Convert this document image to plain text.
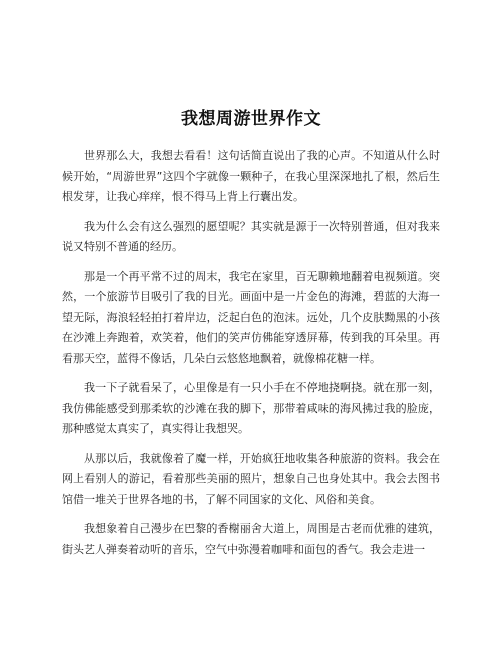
我想周游世界作文

世界那么大，我想去看看！这句话简直说出了我的心声。不知道从什么时候开始，“周游世界”这四个字就像一颗种子，在我心里深深地扎了根，然后生根发芽，让我心痒痒，恨不得马上背上行囊出发。

我为什么会有这么强烈的愿望呢？其实就是源于一次特别普通，但对我来说又特别不普通的经历。

那是一个再平常不过的周末，我宅在家里，百无聊赖地翻着电视频道。突然，一个旅游节目吸引了我的目光。画面中是一片金色的海滩，碧蓝的大海一望无际，海浪轻轻拍打着岸边，泛起白色的泡沫。远处，几个皮肤黝黑的小孩在沙滩上奔跑着，欢笑着，他们的笑声仿佛能穿透屏幕，传到我的耳朵里。再看那天空，蓝得不像话，几朵白云悠悠地飘着，就像棉花糖一样。

我一下子就看呆了，心里像是有一只小手在不停地挠啊挠。就在那一刻，我仿佛能感受到那柔软的沙滩在我的脚下，那带着咸味的海风拂过我的脸庞，那种感觉太真实了，真实得让我想哭。

从那以后，我就像着了魔一样，开始疯狂地收集各种旅游的资料。我会在网上看别人的游记，看着那些美丽的照片，想象自己也身处其中。我会去图书馆借一堆关于世界各地的书，了解不同国家的文化、风俗和美食。

我想象着自己漫步在巴黎的香榭丽舍大道上，周围是古老而优雅的建筑，街头艺人弹奏着动听的音乐，空气中弥漫着咖啡和面包的香气。我会走进一
